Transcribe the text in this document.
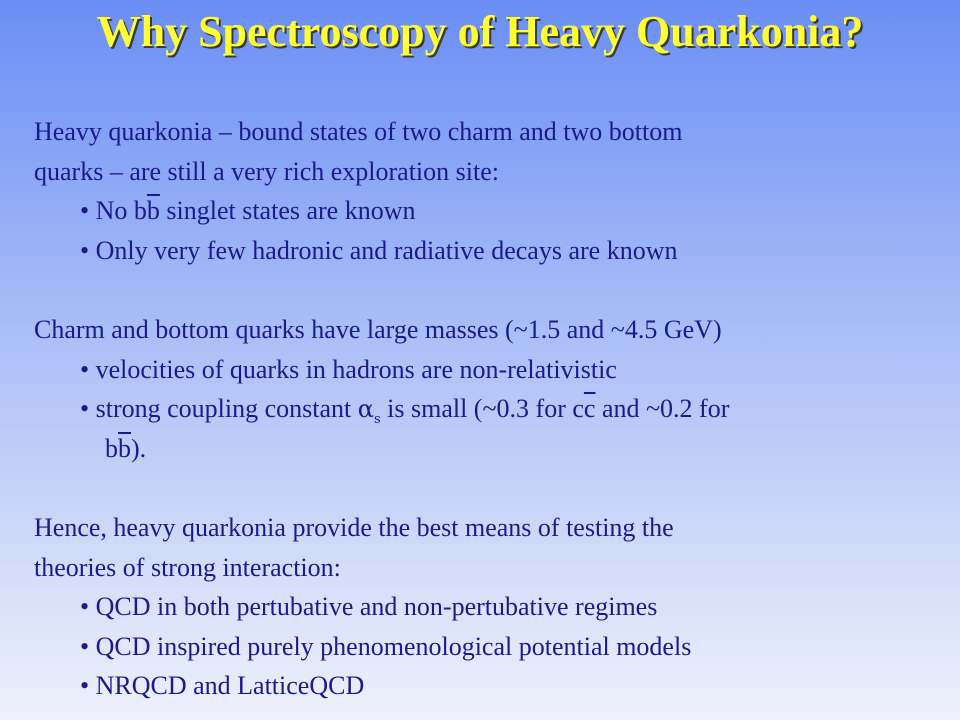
Why Spectroscopy of Heavy Quarkonia?
Heavy quarkonia – bound states of two charm and two bottom
quarks – are still a very rich exploration site:
• No $b\overline{b}$ singlet states are known
• Only very few hadronic and radiative decays are known
Charm and bottom quarks have large masses (~1.5 and ~4.5 GeV)
• velocities of quarks in hadrons are non-relativistic
• strong coupling constant $\alpha_s$ is small (~0.3 for $c\overline{c}$ and ~0.2 for
$b\overline{b}$).
Hence, heavy quarkonia provide the best means of testing the
theories of strong interaction:
• QCD in both pertubative and non-pertubative regimes
• QCD inspired purely phenomenological potential models
• NRQCD and LatticeQCD
